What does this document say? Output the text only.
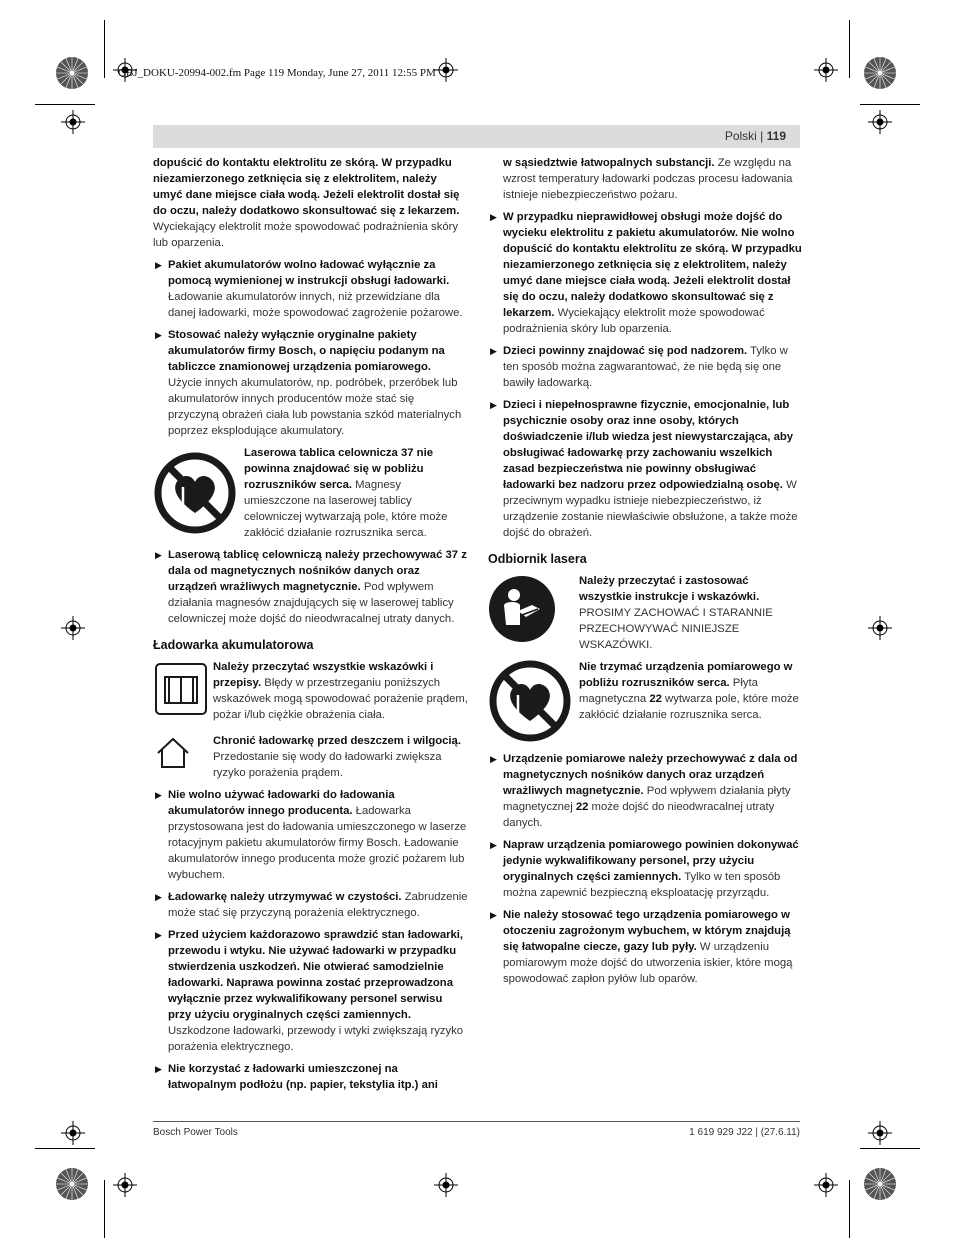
OBJ_DOKU-20994-002.fm Page 119 Monday, June 27, 2011 12:55 PM
Polski | 119

dopuścić do kontaktu elektrolitu ze skórą. W przypadku niezamierzonego zetknięcia się z elektrolitem, należy umyć dane miejsce ciała wodą. Jeżeli elektrolit dostał się do oczu, należy dodatkowo skonsultować się z lekarzem. Wyciekający elektrolit może spowodować podrażnienia skóry lub oparzenia.

▶ Pakiet akumulatorów wolno ładować wyłącznie za pomocą wymienionej w instrukcji obsługi ładowarki. Ładowanie akumulatorów innych, niż przewidziane dla danej ładowarki, może spowodować zagrożenie pożarowe.
▶ Stosować należy wyłącznie oryginalne pakiety akumulatorów firmy Bosch, o napięciu podanym na tabliczce znamionowej urządzenia pomiarowego. Użycie innych akumulatorów, np. podróbek, przeróbek lub akumulatorów innych producentów może stać się przyczyną obrażeń ciała lub powstania szkód materialnych poprzez eksplodujące akumulatory.
Laserowa tablica celownicza 37 nie powinna znajdować się w pobliżu rozruszników serca. Magnesy umieszczone na laserowej tablicy celowniczej wytwarzają pole, które może zakłócić działanie rozrusznika serca.
▶ Laserową tablicę celowniczą należy przechowywać 37 z dala od magnetycznych nośników danych oraz urządzeń wrażliwych magnetycznie. Pod wpływem działania magnesów znajdujących się w laserowej tablicy celowniczej może dojść do nieodwracalnej utraty danych.
Ładowarka akumulatorowa
Należy przeczytać wszystkie wskazówki i przepisy. Błędy w przestrzeganiu poniższych wskazówek mogą spowodować porażenie prądem, pożar i/lub ciężkie obrażenia ciała.
Chronić ładowarkę przed deszczem i wilgocią. Przedostanie się wody do ładowarki zwiększa ryzyko porażenia prądem.
▶ Nie wolno używać ładowarki do ładowania akumulatorów innego producenta. Ładowarka przystosowana jest do ładowania umieszczonego w laserze rotacyjnym pakietu akumulatorów firmy Bosch. Ładowanie akumulatorów innego producenta może grozić pożarem lub wybuchem.
▶ Ładowarkę należy utrzymywać w czystości. Zabrudzenie może stać się przyczyną porażenia elektrycznego.
▶ Przed użyciem każdorazowo sprawdzić stan ładowarki, przewodu i wtyku. Nie używać ładowarki w przypadku stwierdzenia uszkodzeń. Nie otwierać samodzielnie ładowarki. Naprawa powinna zostać przeprowadzona wyłącznie przez wykwalifikowany personel serwisu przy użyciu oryginalnych części zamiennych. Uszkodzone ładowarki, przewody i wtyki zwiększają ryzyko porażenia elektrycznego.
▶ Nie korzystać z ładowarki umieszczonej na łatwopalnym podłożu (np. papier, tekstylia itp.) ani

w sąsiedztwie łatwopalnych substancji. Ze względu na wzrost temperatury ładowarki podczas procesu ładowania istnieje niebezpieczeństwo pożaru.

▶ W przypadku nieprawidłowej obsługi może dojść do wycieku elektrolitu z pakietu akumulatorów. Nie wolno dopuścić do kontaktu elektrolitu ze skórą. W przypadku niezamierzonego zetknięcia się z elektrolitem, należy umyć dane miejsce ciała wodą. Jeżeli elektrolit dostał się do oczu, należy dodatkowo skonsultować się z lekarzem. Wyciekający elektrolit może spowodować podrażnienia skóry lub oparzenia.
▶ Dzieci powinny znajdować się pod nadzorem. Tylko w ten sposób można zagwarantować, że nie będą się one bawiły ładowarką.
▶ Dzieci i niepełnosprawne fizycznie, emocjonalnie, lub psychicznie osoby oraz inne osoby, których doświadczenie i/lub wiedza jest niewystarczająca, aby obsługiwać ładowarkę przy zachowaniu wszelkich zasad bezpieczeństwa nie powinny obsługiwać ładowarki bez nadzoru przez odpowiedzialną osobę. W przeciwnym wypadku istnieje niebezpieczeństwo, iż urządzenie zostanie niewłaściwie obsłużone, a także może dojść do obrażeń.
Odbiornik lasera
Należy przeczytać i zastosować wszystkie instrukcje i wskazówki. PROSIMY ZACHOWAĆ I STARANNIE PRZECHOWYWAĆ NINIEJSZE WSKAZÓWKI.
Nie trzymać urządzenia pomiarowego w pobliżu rozruszników serca. Płyta magnetyczna 22 wytwarza pole, które może zakłócić działanie rozrusznika serca.
▶ Urządzenie pomiarowe należy przechowywać z dala od magnetycznych nośników danych oraz urządzeń wrażliwych magnetycznie. Pod wpływem działania płyty magnetycznej 22 może dojść do nieodwracalnej utraty danych.
▶ Napraw urządzenia pomiarowego powinien dokonywać jedynie wykwalifikowany personel, przy użyciu oryginalnych części zamiennych. Tylko w ten sposób można zapewnić bezpieczną eksploatację przyrządu.
▶ Nie należy stosować tego urządzenia pomiarowego w otoczeniu zagrożonym wybuchem, w którym znajdują się łatwopalne ciecze, gazy lub pyły. W urządzeniu pomiarowym może dojść do utworzenia iskier, które mogą spowodować zapłon pyłów lub oparów.
Bosch Power Tools	1 619 929 J22 | (27.6.11)
